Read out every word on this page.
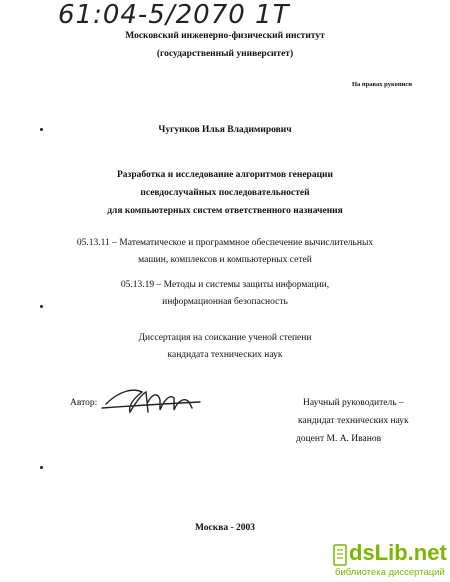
61:04-5/2070 1T
Московский инженерно-физический институт
(государственный университет)
На правах рукописи
Чугунков Илья Владимирович
Разработка и исследование алгоритмов генерации
псевдослучайных последовательностей
для компьютерных систем ответственного назначения
05.13.11 – Математическое и программное обеспечение вычислительных
машин, комплексов и компьютерных сетей
05.13.19 – Методы и системы защиты информации,
информационная безопасность
Диссертация на соискание ученой степени
кандидата технических наук
Автор:	Научный руководитель –
кандидат технических наук
доцент М. А. Иванов
Москва - 2003
dsLib.net
библиотека диссертаций
